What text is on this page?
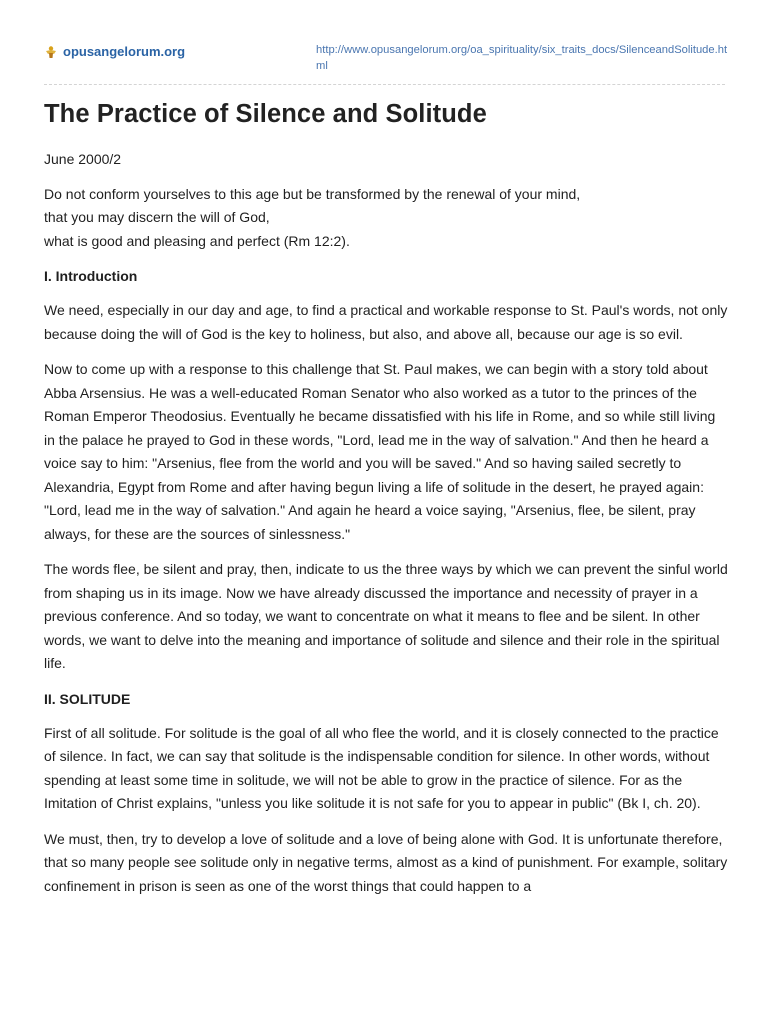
opusangelorum.org	http://www.opusangelorum.org/oa_spirituality/six_traits_docs/SilenceandSolitude.html
The Practice of Silence and Solitude

June 2000/2

Do not conform yourselves to this age but be transformed by the renewal of your mind,
that you may discern the will of God,
what is good and pleasing and perfect (Rm 12:2).

I. Introduction

We need, especially in our day and age, to find a practical and workable response to St. Paul's words, not only because doing the will of God is the key to holiness, but also, and above all, because our age is so evil.

Now to come up with a response to this challenge that St. Paul makes, we can begin with a story told about Abba Arsensius. He was a well-educated Roman Senator who also worked as a tutor to the princes of the Roman Emperor Theodosius. Eventually he became dissatisfied with his life in Rome, and so while still living in the palace he prayed to God in these words, "Lord, lead me in the way of salvation." And then he heard a voice say to him: "Arsenius, flee from the world and you will be saved." And so having sailed secretly to Alexandria, Egypt from Rome and after having begun living a life of solitude in the desert, he prayed again: "Lord, lead me in the way of salvation." And again he heard a voice saying, "Arsenius, flee, be silent, pray always, for these are the sources of sinlessness."

The words flee, be silent and pray, then, indicate to us the three ways by which we can prevent the sinful world from shaping us in its image. Now we have already discussed the importance and necessity of prayer in a previous conference. And so today, we want to concentrate on what it means to flee and be silent. In other words, we want to delve into the meaning and importance of solitude and silence and their role in the spiritual life.

II. SOLITUDE

First of all solitude. For solitude is the goal of all who flee the world, and it is closely connected to the practice of silence. In fact, we can say that solitude is the indispensable condition for silence. In other words, without spending at least some time in solitude, we will not be able to grow in the practice of silence. For as the Imitation of Christ explains, "unless you like solitude it is not safe for you to appear in public" (Bk I, ch. 20).

We must, then, try to develop a love of solitude and a love of being alone with God. It is unfortunate therefore, that so many people see solitude only in negative terms, almost as a kind of punishment. For example, solitary confinement in prison is seen as one of the worst things that could happen to a
